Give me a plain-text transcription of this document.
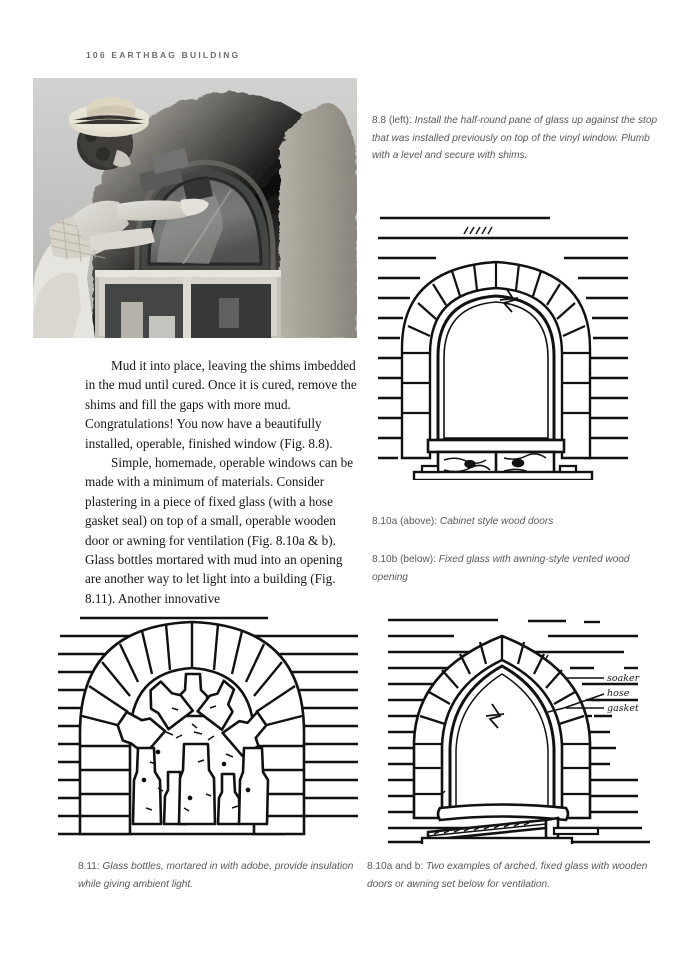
106 EARTHBAG BUILDING
8.8 (left): Install the half-round pane of glass up against the stop that was installed previously on top of the vinyl window. Plumb with a level and secure with shims.
8.10a (above): Cabinet style wood doors
8.10b (below): Fixed glass with awning-style vented wood opening

Mud it into place, leaving the shims imbedded in the mud until cured. Once it is cured, remove the shims and fill the gaps with more mud. Congratulations! You now have a beautifully installed, operable, finished window (Fig. 8.8).

Simple, homemade, operable windows can be made with a minimum of materials. Consider plastering in a piece of fixed glass (with a hose gasket seal) on top of a small, operable wooden door or awning for ventilation (Fig. 8.10a & b). Glass bottles mortared with mud into an opening are another way to let light into a building (Fig. 8.11). Another innovative

soaker
hose
gasket
8.11: Glass bottles, mortared in with adobe, provide insulation while giving ambient light.
8.10a and b: Two examples of arched, fixed glass with wooden doors or awning set below for ventilation.
